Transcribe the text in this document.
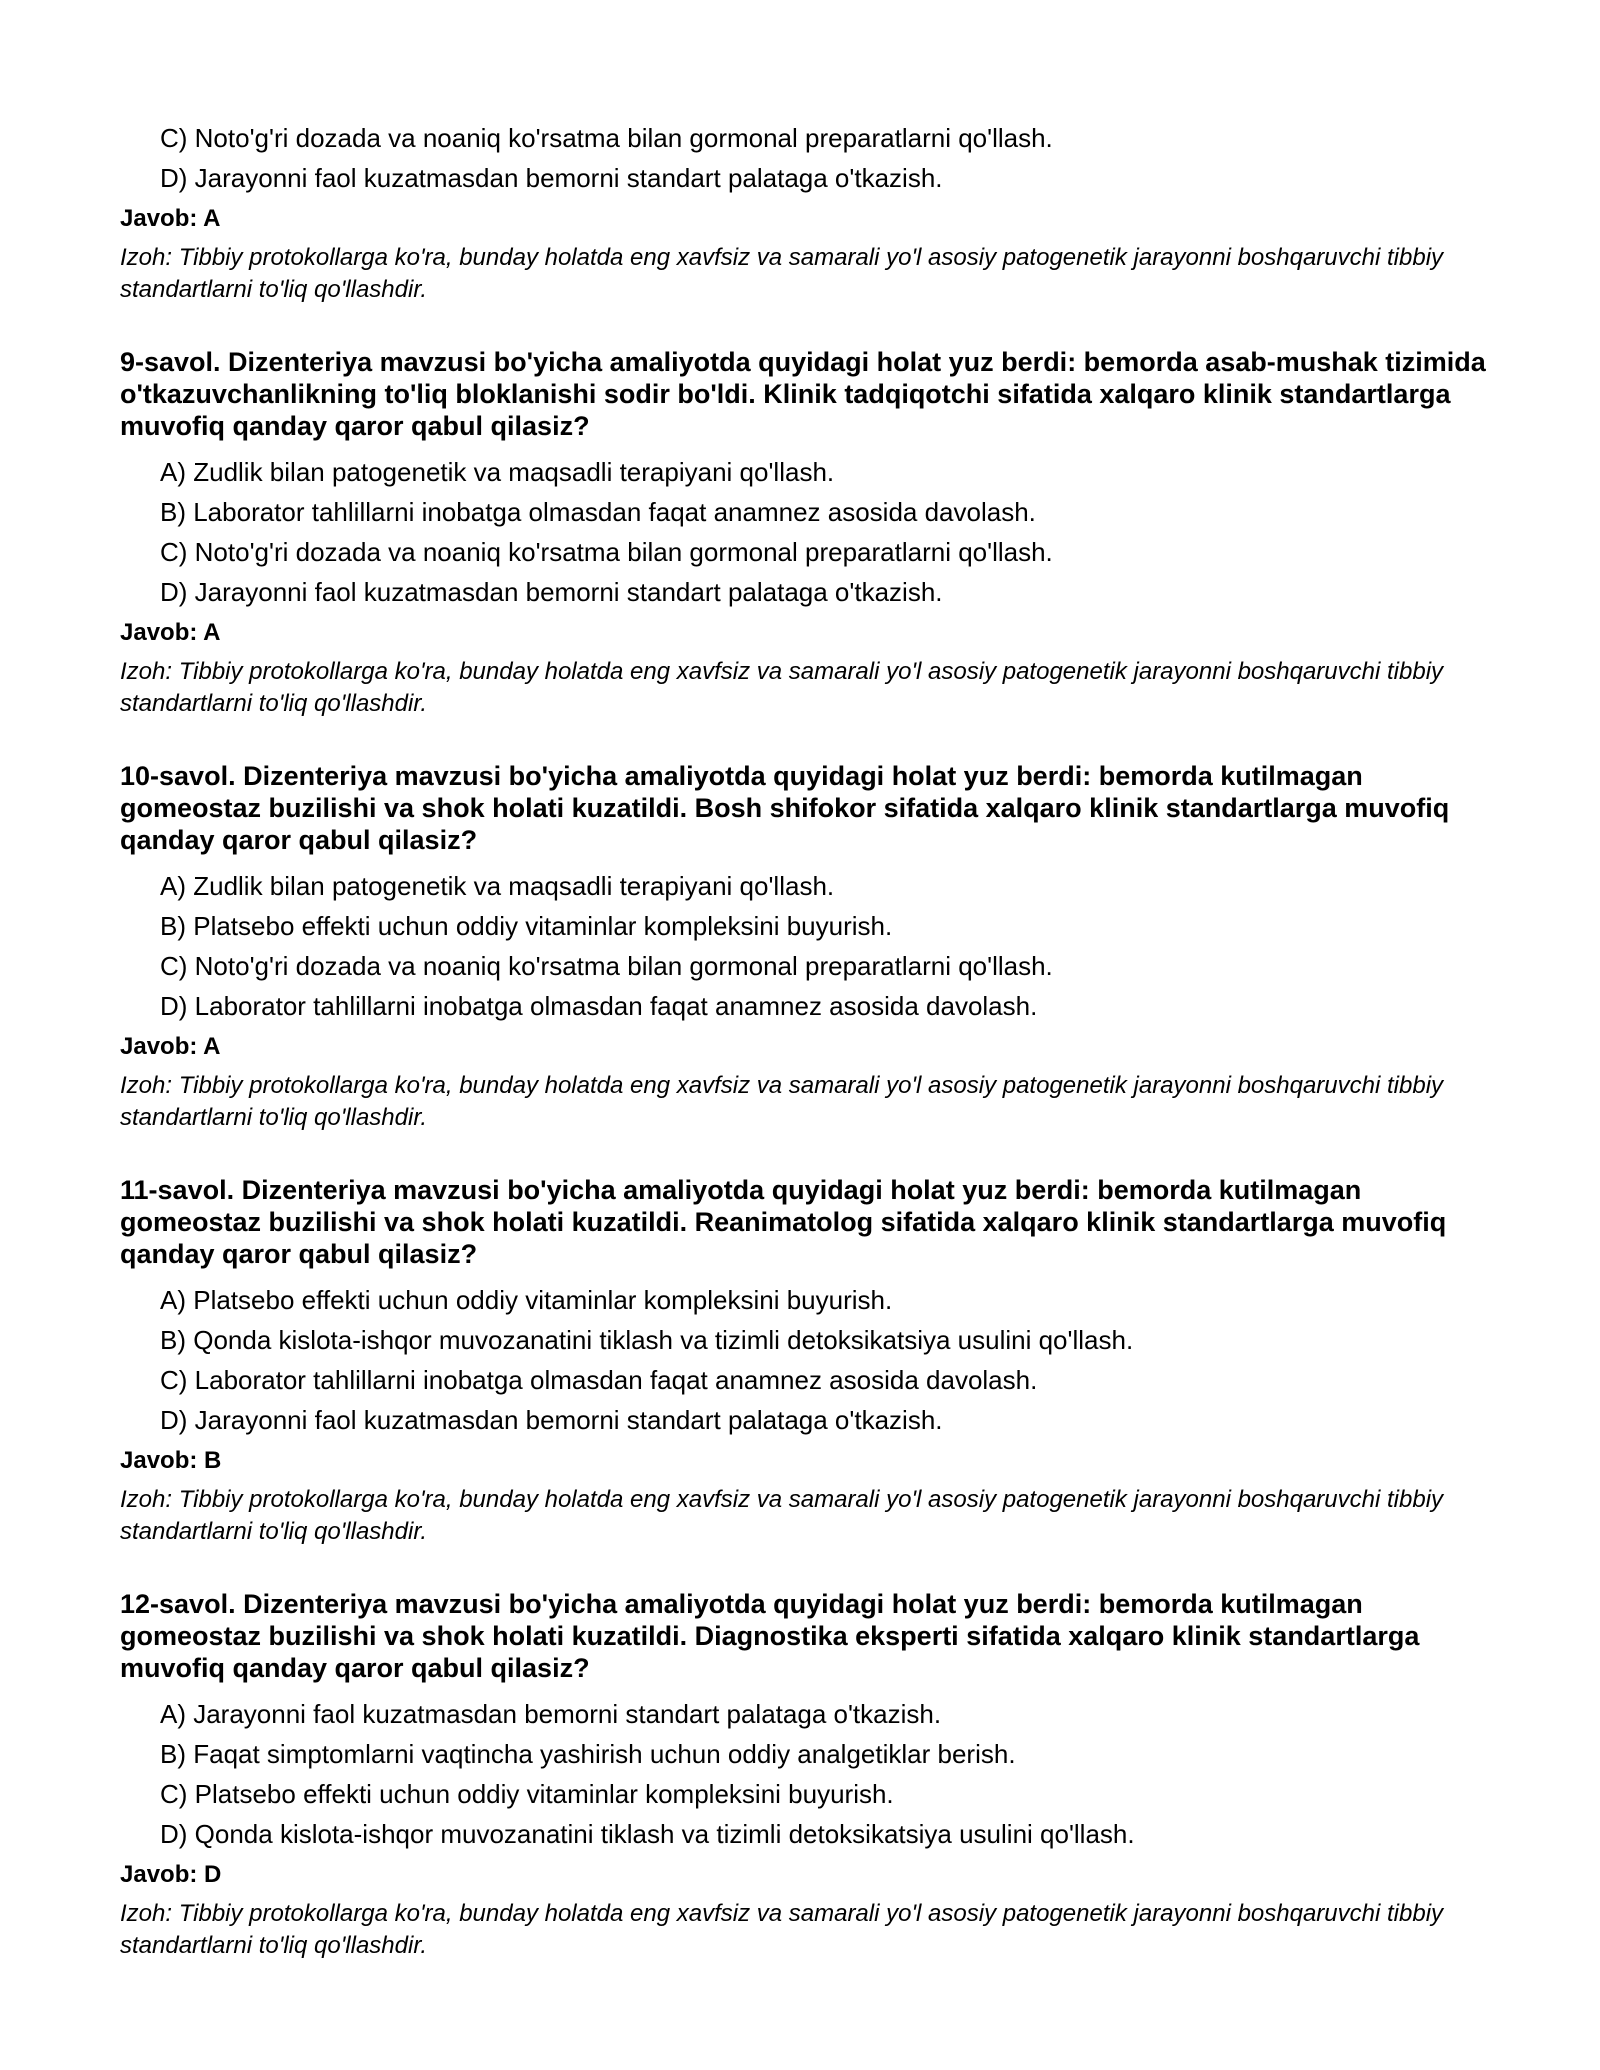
C) Noto'g'ri dozada va noaniq ko'rsatma bilan gormonal preparatlarni qo'llash.
D) Jarayonni faol kuzatmasdan bemorni standart palataga o'tkazish.
Javob: A
Izoh: Tibbiy protokollarga ko'ra, bunday holatda eng xavfsiz va samarali yo'l asosiy patogenetik jarayonni boshqaruvchi tibbiy standartlarni to'liq qo'llashdir.
9-savol. Dizenteriya mavzusi bo'yicha amaliyotda quyidagi holat yuz berdi: bemorda asab-mushak tizimida o'tkazuvchanlikning to'liq bloklanishi sodir bo'ldi. Klinik tadqiqotchi sifatida xalqaro klinik standartlarga muvofiq qanday qaror qabul qilasiz?
A) Zudlik bilan patogenetik va maqsadli terapiyani qo'llash.
B) Laborator tahlillarni inobatga olmasdan faqat anamnez asosida davolash.
C) Noto'g'ri dozada va noaniq ko'rsatma bilan gormonal preparatlarni qo'llash.
D) Jarayonni faol kuzatmasdan bemorni standart palataga o'tkazish.
Javob: A
Izoh: Tibbiy protokollarga ko'ra, bunday holatda eng xavfsiz va samarali yo'l asosiy patogenetik jarayonni boshqaruvchi tibbiy standartlarni to'liq qo'llashdir.
10-savol. Dizenteriya mavzusi bo'yicha amaliyotda quyidagi holat yuz berdi: bemorda kutilmagan gomeostaz buzilishi va shok holati kuzatildi. Bosh shifokor sifatida xalqaro klinik standartlarga muvofiq qanday qaror qabul qilasiz?
A) Zudlik bilan patogenetik va maqsadli terapiyani qo'llash.
B) Platsebo effekti uchun oddiy vitaminlar kompleksini buyurish.
C) Noto'g'ri dozada va noaniq ko'rsatma bilan gormonal preparatlarni qo'llash.
D) Laborator tahlillarni inobatga olmasdan faqat anamnez asosida davolash.
Javob: A
Izoh: Tibbiy protokollarga ko'ra, bunday holatda eng xavfsiz va samarali yo'l asosiy patogenetik jarayonni boshqaruvchi tibbiy standartlarni to'liq qo'llashdir.
11-savol. Dizenteriya mavzusi bo'yicha amaliyotda quyidagi holat yuz berdi: bemorda kutilmagan gomeostaz buzilishi va shok holati kuzatildi. Reanimatolog sifatida xalqaro klinik standartlarga muvofiq qanday qaror qabul qilasiz?
A) Platsebo effekti uchun oddiy vitaminlar kompleksini buyurish.
B) Qonda kislota-ishqor muvozanatini tiklash va tizimli detoksikatsiya usulini qo'llash.
C) Laborator tahlillarni inobatga olmasdan faqat anamnez asosida davolash.
D) Jarayonni faol kuzatmasdan bemorni standart palataga o'tkazish.
Javob: B
Izoh: Tibbiy protokollarga ko'ra, bunday holatda eng xavfsiz va samarali yo'l asosiy patogenetik jarayonni boshqaruvchi tibbiy standartlarni to'liq qo'llashdir.
12-savol. Dizenteriya mavzusi bo'yicha amaliyotda quyidagi holat yuz berdi: bemorda kutilmagan gomeostaz buzilishi va shok holati kuzatildi. Diagnostika eksperti sifatida xalqaro klinik standartlarga muvofiq qanday qaror qabul qilasiz?
A) Jarayonni faol kuzatmasdan bemorni standart palataga o'tkazish.
B) Faqat simptomlarni vaqtincha yashirish uchun oddiy analgetiklar berish.
C) Platsebo effekti uchun oddiy vitaminlar kompleksini buyurish.
D) Qonda kislota-ishqor muvozanatini tiklash va tizimli detoksikatsiya usulini qo'llash.
Javob: D
Izoh: Tibbiy protokollarga ko'ra, bunday holatda eng xavfsiz va samarali yo'l asosiy patogenetik jarayonni boshqaruvchi tibbiy standartlarni to'liq qo'llashdir.
